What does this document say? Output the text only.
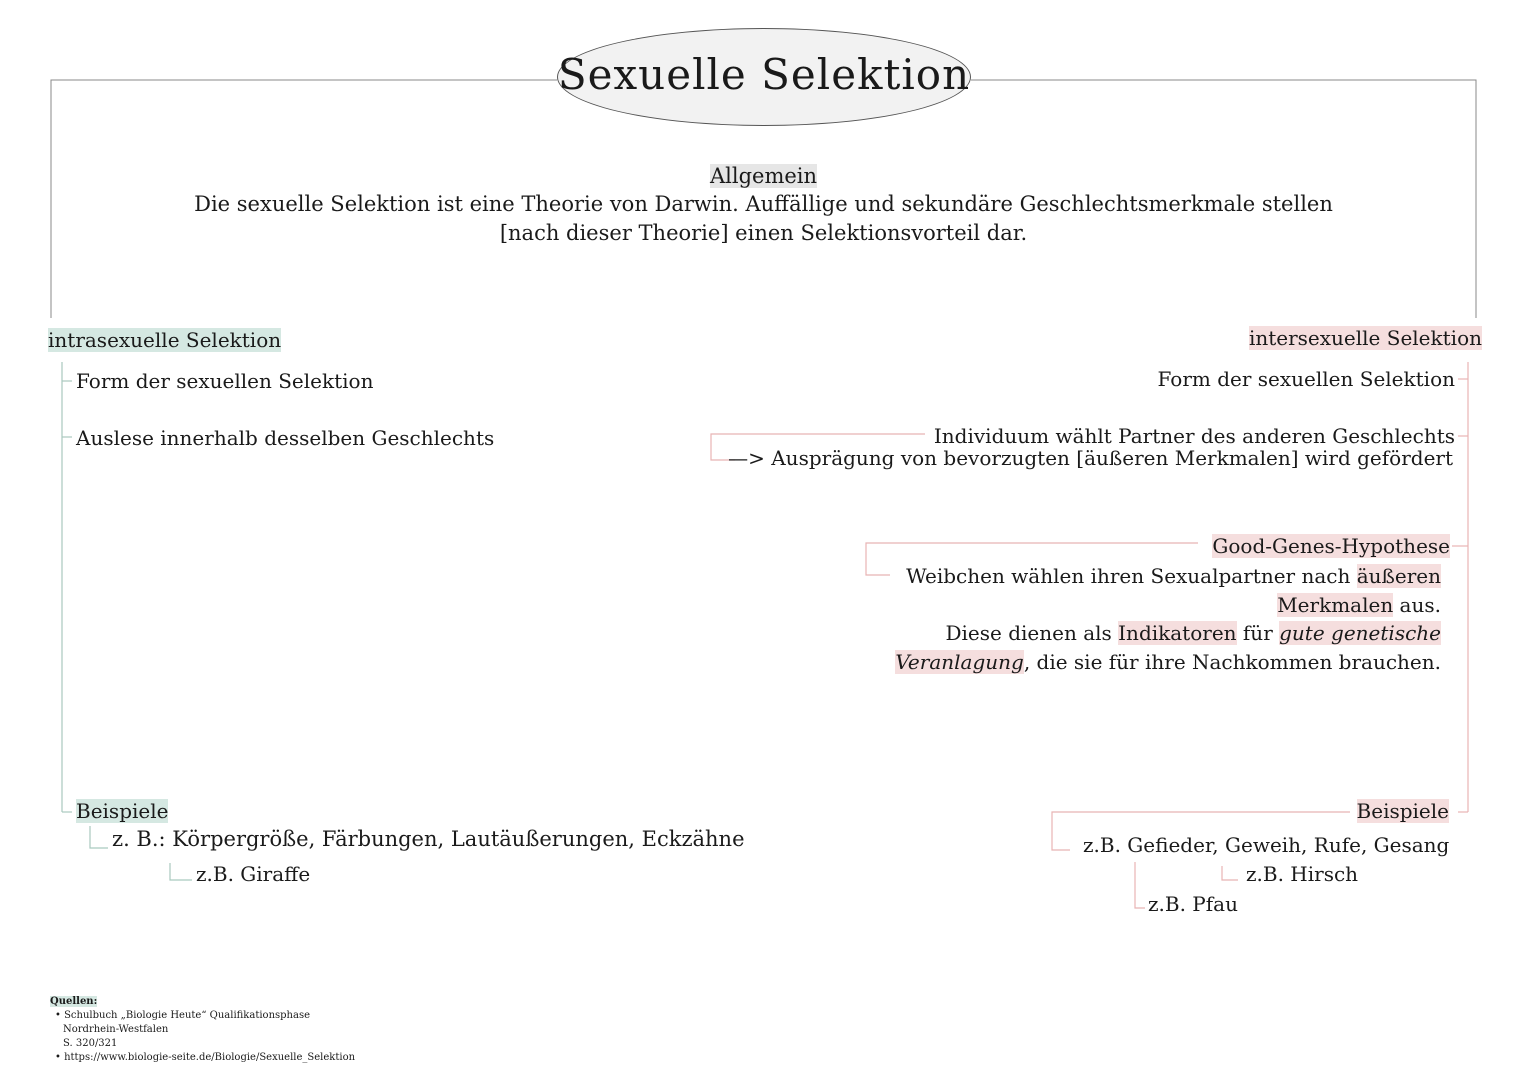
Sexuelle Selektion
Allgemein
Die sexuelle Selektion ist eine Theorie von Darwin. Auffällige und sekundäre Geschlechtsmerkmale stellen
[nach dieser Theorie] einen Selektionsvorteil dar.
intrasexuelle Selektion
Form der sexuellen Selektion
Auslese innerhalb desselben Geschlechts
Beispiele
z. B.: Körpergröße, Färbungen, Lautäußerungen, Eckzähne
z.B. Giraffe
intersexuelle Selektion
Form der sexuellen Selektion
Individuum wählt Partner des anderen Geschlechts
—> Ausprägung von bevorzugten [äußeren Merkmalen] wird gefördert
Good-Genes-Hypothese
Weibchen wählen ihren Sexualpartner nach äußeren
Merkmalen aus.
Diese dienen als Indikatoren für gute genetische
Veranlagung, die sie für ihre Nachkommen brauchen.
Beispiele
z.B. Gefieder, Geweih, Rufe, Gesang
z.B. Hirsch
z.B. Pfau
Quellen:
• Schulbuch „Biologie Heute“ Qualifikationsphase
Nordrhein-Westfalen
S. 320/321
• https://www.biologie-seite.de/Biologie/Sexuelle_Selektion
